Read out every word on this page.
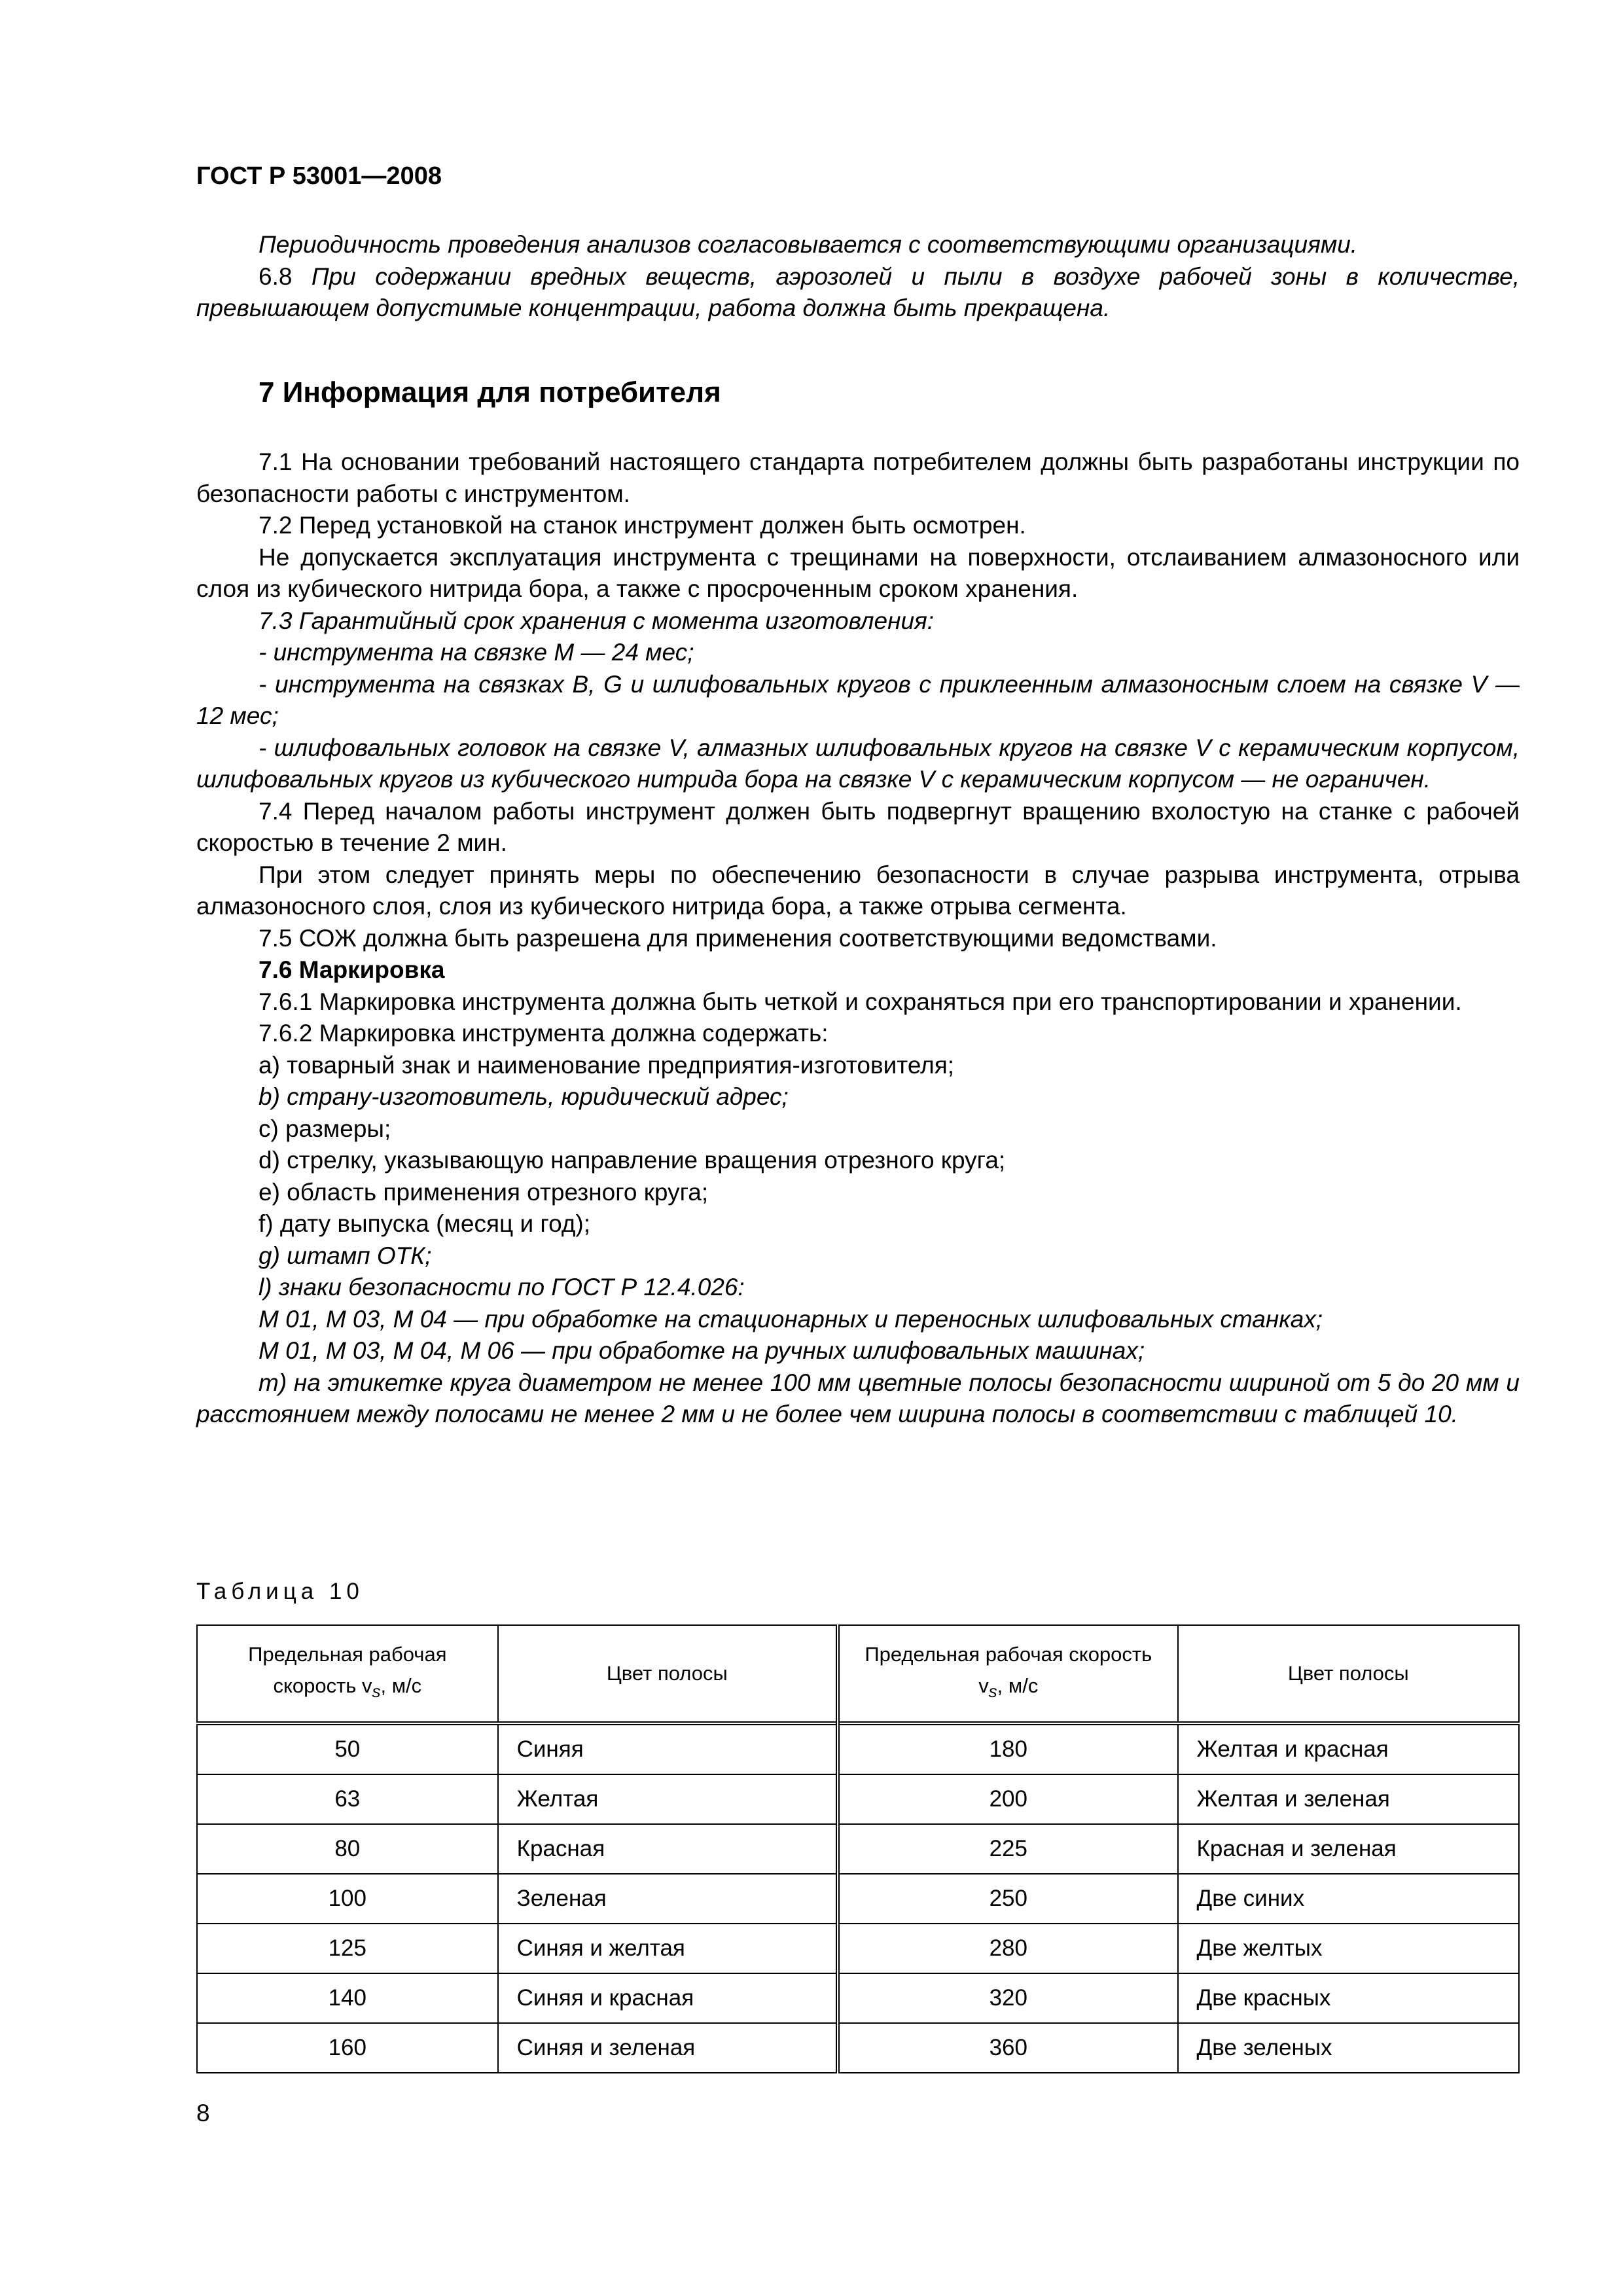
ГОСТ Р 53001—2008

Периодичность проведения анализов согласовывается с соответствующими организациями.

6.8 При содержании вредных веществ, аэрозолей и пыли в воздухе рабочей зоны в количестве, превышающем допустимые концентрации, работа должна быть прекращена.

7 Информация для потребителя

7.1 На основании требований настоящего стандарта потребителем должны быть разработаны инструкции по безопасности работы с инструментом.

7.2 Перед установкой на станок инструмент должен быть осмотрен.

Не допускается эксплуатация инструмента с трещинами на поверхности, отслаиванием алмазоносного или слоя из кубического нитрида бора, а также с просроченным сроком хранения.

7.3 Гарантийный срок хранения с момента изготовления:

- инструмента на связке М — 24 мес;

- инструмента на связках В, G и шлифовальных кругов с приклеенным алмазоносным слоем на связке V — 12 мес;

- шлифовальных головок на связке V, алмазных шлифовальных кругов на связке V с керамическим корпусом, шлифовальных кругов из кубического нитрида бора на связке V с керамическим корпусом — не ограничен.

7.4 Перед началом работы инструмент должен быть подвергнут вращению вхолостую на станке с рабочей скоростью в течение 2 мин.

При этом следует принять меры по обеспечению безопасности в случае разрыва инструмента, отрыва алмазоносного слоя, слоя из кубического нитрида бора, а также отрыва сегмента.

7.5 СОЖ должна быть разрешена для применения соответствующими ведомствами.

7.6 Маркировка

7.6.1 Маркировка инструмента должна быть четкой и сохраняться при его транспортировании и хранении.

7.6.2 Маркировка инструмента должна содержать:

a) товарный знак и наименование предприятия-изготовителя;

b) страну-изготовитель, юридический адрес;

c) размеры;

d) стрелку, указывающую направление вращения отрезного круга;

e) область применения отрезного круга;

f) дату выпуска (месяц и год);

g) штамп ОТК;

l) знаки безопасности по ГОСТ Р 12.4.026:

М 01, М 03, М 04 — при обработке на стационарных и переносных шлифовальных станках;

М 01, М 03, М 04, М 06 — при обработке на ручных шлифовальных машинах;

m) на этикетке круга диаметром не менее 100 мм цветные полосы безопасности шириной от 5 до 20 мм и расстоянием между полосами не менее 2 мм и не более чем ширина полосы в соответствии с таблицей 10.

Таблица 10
Предельная рабочая скорость $v_s$, м/с	Цвет полосы	Предельная рабочая скорость $v_s$, м/с	Цвет полосы
50	Синяя	180	Желтая и красная
63	Желтая	200	Желтая и зеленая
80	Красная	225	Красная и зеленая
100	Зеленая	250	Две синих
125	Синяя и желтая	280	Две желтых
140	Синяя и красная	320	Две красных
160	Синяя и зеленая	360	Две зеленых
8
